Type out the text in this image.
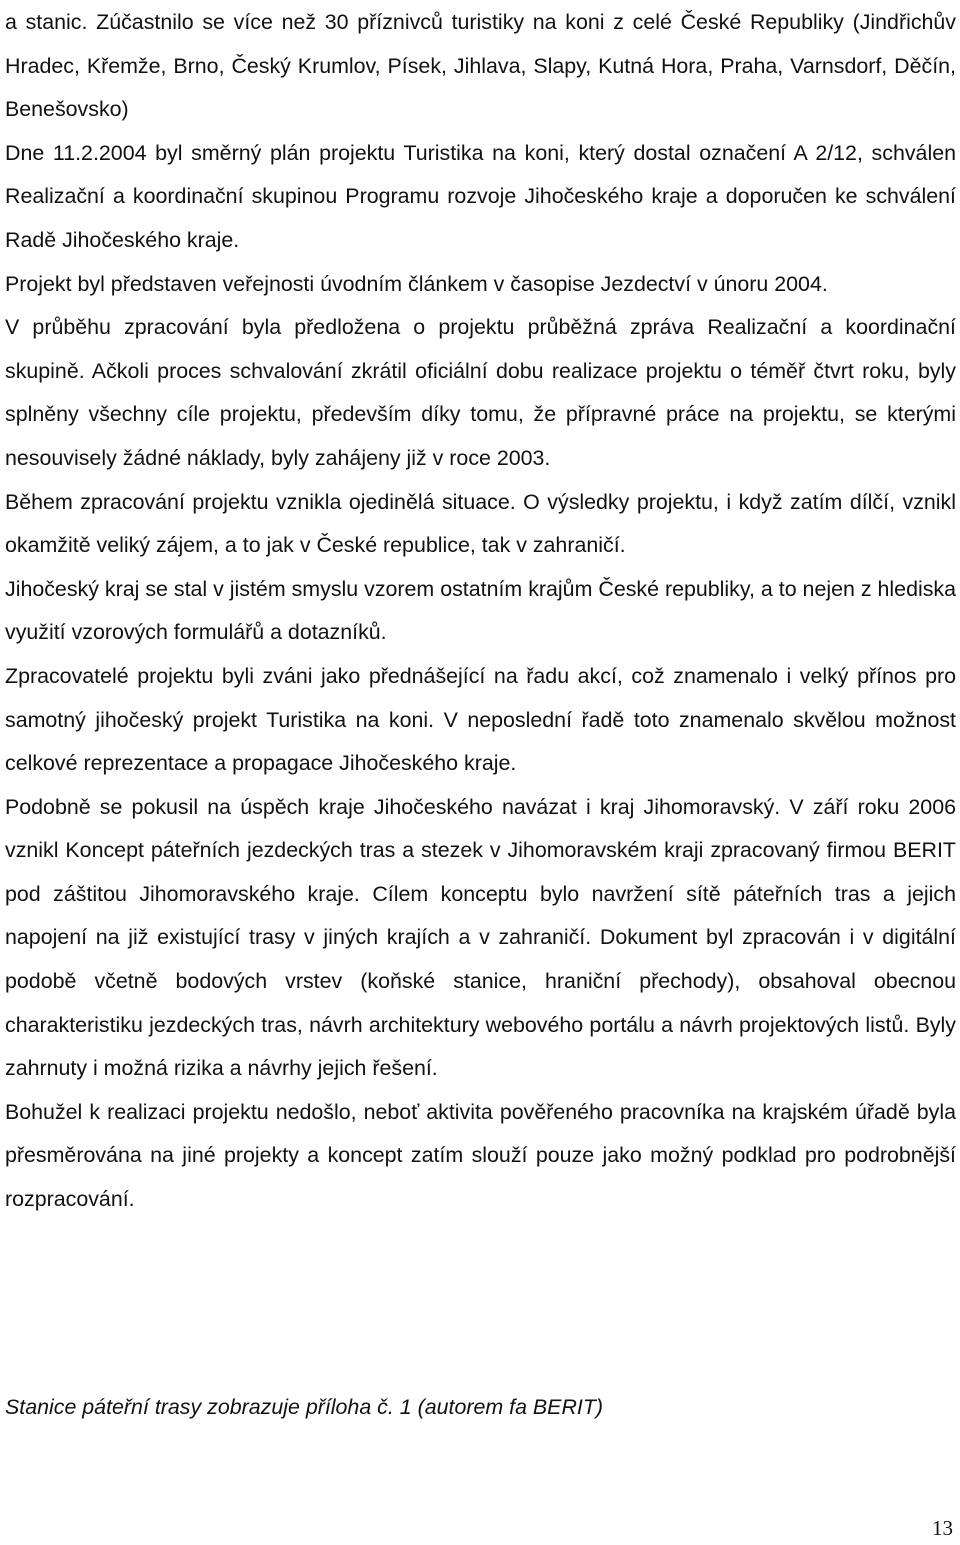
a stanic. Zúčastnilo se více než 30 příznivců turistiky na koni z celé České Republiky (Jindřichův Hradec, Křemže, Brno, Český Krumlov, Písek, Jihlava, Slapy, Kutná Hora, Praha, Varnsdorf, Děčín, Benešovsko)

Dne 11.2.2004 byl směrný plán projektu Turistika na koni, který dostal označení A 2/12, schválen Realizační a koordinační skupinou Programu rozvoje Jihočeského kraje a doporučen ke schválení Radě Jihočeského kraje.

Projekt byl představen veřejnosti úvodním článkem v časopise Jezdectví v únoru 2004.

V průběhu zpracování byla předložena o projektu průběžná zpráva Realizační a koordinační skupině. Ačkoli proces schvalování zkrátil oficiální dobu realizace projektu o téměř čtvrt roku, byly splněny všechny cíle projektu, především díky tomu, že přípravné práce na projektu, se kterými nesouvisely žádné náklady, byly zahájeny již v roce 2003.

Během zpracování projektu vznikla ojedinělá situace. O výsledky projektu, i když zatím dílčí, vznikl okamžitě veliký zájem, a to jak v České republice, tak v zahraničí.

Jihočeský kraj se stal v jistém smyslu vzorem ostatním krajům České republiky, a to nejen z hlediska využití vzorových formulářů a dotazníků.

Zpracovatelé projektu byli zváni jako přednášející na řadu akcí, což znamenalo i velký přínos pro samotný jihočeský projekt Turistika na koni. V neposlední řadě toto znamenalo skvělou možnost celkové reprezentace a propagace Jihočeského kraje.

Podobně se pokusil na úspěch kraje Jihočeského navázat i kraj Jihomoravský. V září roku 2006 vznikl Koncept páteřních jezdeckých tras a stezek v Jihomoravském kraji zpracovaný firmou BERIT pod záštitou Jihomoravského kraje. Cílem konceptu bylo navržení sítě páteřních tras a jejich napojení na již existující trasy v jiných krajích a v zahraničí. Dokument byl zpracován i v digitální podobě včetně bodových vrstev (koňské stanice, hraniční přechody), obsahoval obecnou charakteristiku jezdeckých tras, návrh architektury webového portálu a návrh projektových listů. Byly zahrnuty i možná rizika a návrhy jejich řešení.

Bohužel k realizaci projektu nedošlo, neboť aktivita pověřeného pracovníka na krajském úřadě byla přesměrována na jiné projekty a koncept zatím slouží pouze jako možný podklad pro podrobnější rozpracování.

Stanice páteřní trasy zobrazuje příloha č. 1 (autorem fa BERIT)

13
